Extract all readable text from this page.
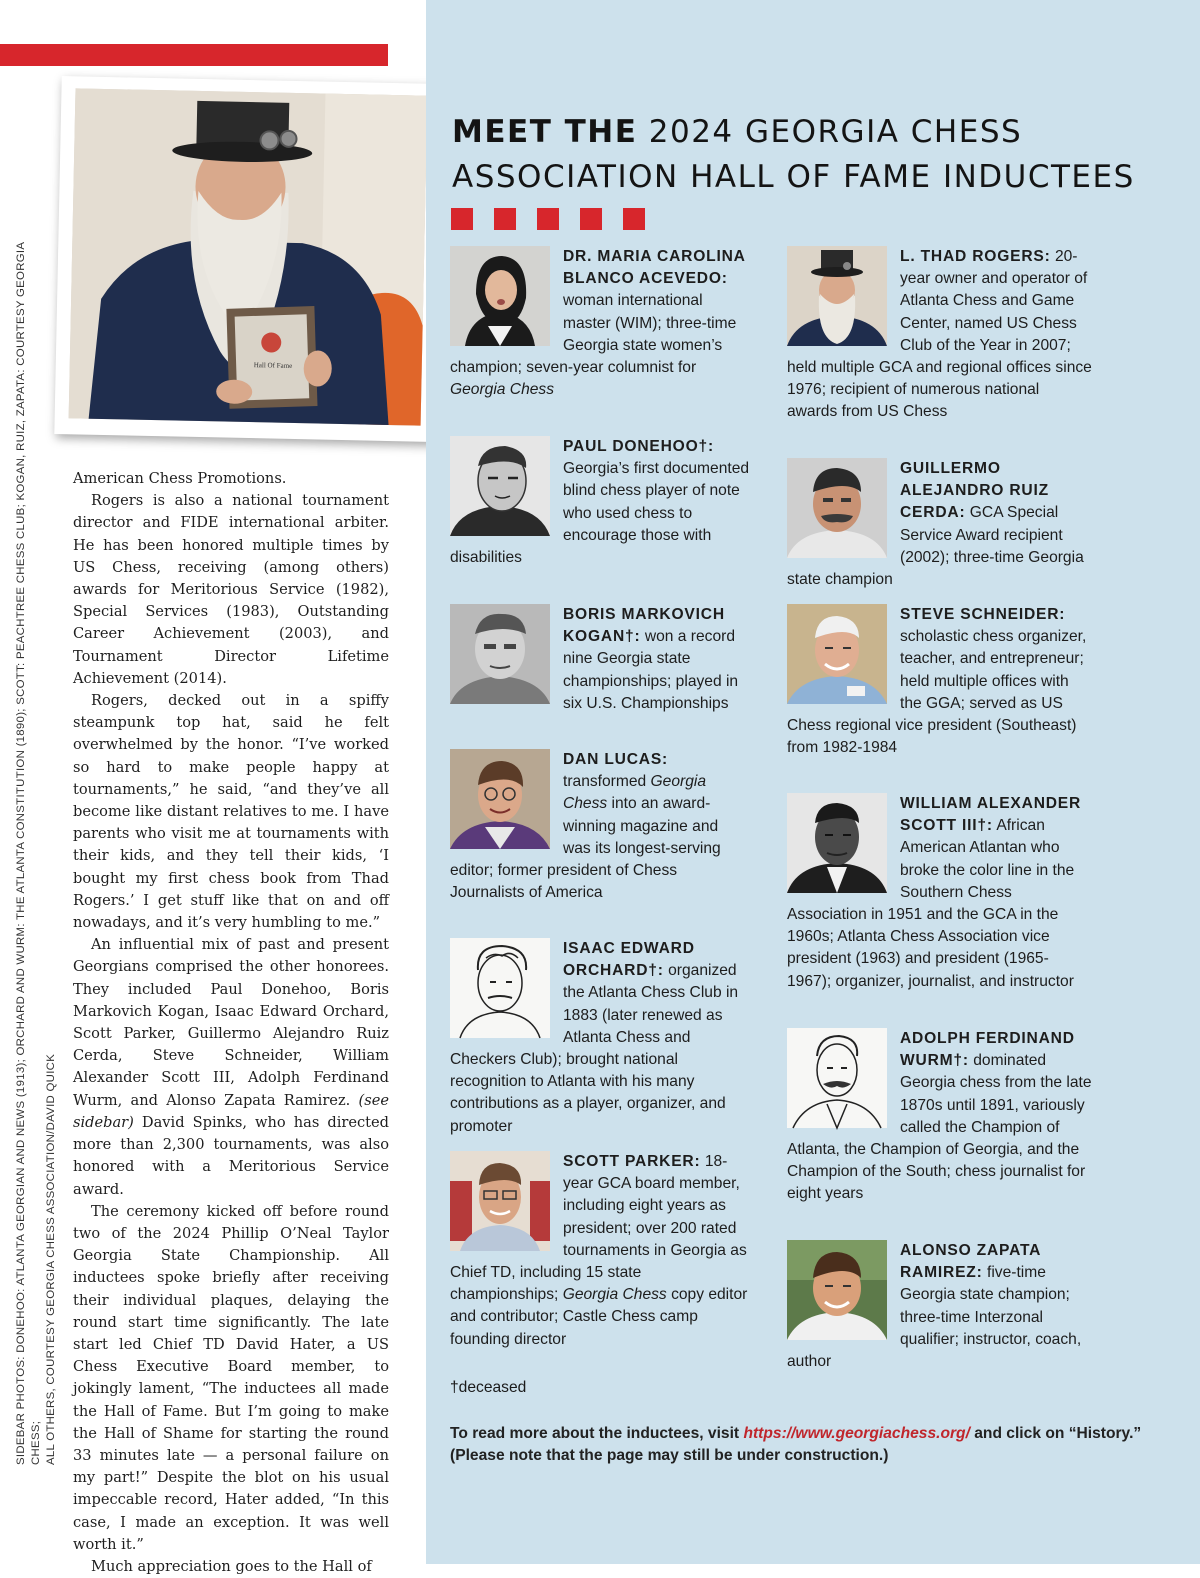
Hall Of Fame
SIDEBAR PHOTOS: DONEHOO: ATLANTA GEORGIAN AND NEWS (1913); ORCHARD AND WURM: THE ATLANTA CONSTITUTION (1890); SCOTT: PEACHTREE CHESS CLUB; KOGAN, RUIZ, ZAPATA: COURTESY GEORGIA CHESS; ALL OTHERS, COURTESY GEORGIA CHESS ASSOCIATION/DAVID QUICK

American Chess Promotions.

Rogers is also a national tournament director and FIDE international arbiter. He has been honored multiple times by US Chess, receiving (among others) awards for Meritorious Service (1982), Special Services (1983), Outstanding Career Achievement (2003), and Tournament Director Lifetime Achievement (2014).

Rogers, decked out in a spiffy steampunk top hat, said he felt overwhelmed by the honor. “I’ve worked so hard to make people happy at tournaments,” he said, “and they’ve all become like distant relatives to me. I have parents who visit me at tournaments with their kids, and they tell their kids, ‘I bought my first chess book from Thad Rogers.’ I get stuff like that on and off nowadays, and it’s very humbling to me.”

An influential mix of past and present Georgians comprised the other honorees. They included Paul Donehoo, Boris Markovich Kogan, Isaac Edward Orchard, Scott Parker, Guillermo Alejandro Ruiz Cerda, Steve Schneider, William Alexander Scott III, Adolph Ferdinand Wurm, and Alonso Zapata Ramirez. (see sidebar) David Spinks, who has directed more than 2,300 tournaments, was also honored with a Meritorious Service award.

The ceremony kicked off before round two of the 2024 Phillip O’Neal Taylor Georgia State Championship. All inductees spoke briefly after receiving their individual plaques, delaying the round start time significantly. The late start led Chief TD David Hater, a US Chess Executive Board member, to jokingly lament, “The inductees all made the Hall of Fame. But I’m going to make the Hall of Shame for starting the round 33 minutes late — a personal failure on my part!” Despite the blot on his usual impeccable record, Hater added, “In this case, I made an exception. It was well worth it.”

Much appreciation goes to the Hall of

MEET THE 2024 GEORGIA CHESS ASSOCIATION HALL OF FAME INDUCTEES
DR. MARIA CAROLINA BLANCO ACEVEDO: woman international master (WIM); three-time Georgia state women’s champion; seven-year columnist for Georgia Chess
PAUL DONEHOO†: Georgia’s first documented blind chess player of note who used chess to encourage those with disabilities
BORIS MARKOVICH KOGAN†: won a record nine Georgia state championships; played in six U.S. Championships
DAN LUCAS: transformed Georgia Chess into an award-winning magazine and was its longest-serving editor; former president of Chess Journalists of America
ISAAC EDWARD ORCHARD†: organized the Atlanta Chess Club in 1883 (later renewed as Atlanta Chess and Checkers Club); brought national recognition to Atlanta with his many contributions as a player, organizer, and promoter
SCOTT PARKER: 18-year GCA board member, including eight years as president; over 200 rated tournaments in Georgia as Chief TD, including 15 state championships; Georgia Chess copy editor and contributor; Castle Chess camp founding director
L. THAD ROGERS: 20-year owner and operator of Atlanta Chess and Game Center, named US Chess Club of the Year in 2007; held multiple GCA and regional offices since 1976; recipient of numerous national awards from US Chess
GUILLERMO ALEJANDRO RUIZ CERDA: GCA Special Service Award recipient (2002); three-time Georgia state champion
STEVE SCHNEIDER: scholastic chess organizer, teacher, and entrepreneur; held multiple offices with the GGA; served as US Chess regional vice president (Southeast) from 1982-1984
WILLIAM ALEXANDER SCOTT III†: African American Atlantan who broke the color line in the Southern Chess Association in 1951 and the GCA in the 1960s; Atlanta Chess Association vice president (1963) and president (1965-1967); organizer, journalist, and instructor
ADOLPH FERDINAND WURM†: dominated Georgia chess from the late 1870s until 1891, variously called the Champion of Atlanta, the Champion of Georgia, and the Champion of the South; chess journalist for eight years
ALONSO ZAPATA RAMIREZ: five-time Georgia state champion; three-time Interzonal qualifier; instructor, coach, author
†deceased
To read more about the inductees, visit https://www.georgiachess.org/ and click on “History.” (Please note that the page may still be under construction.)
